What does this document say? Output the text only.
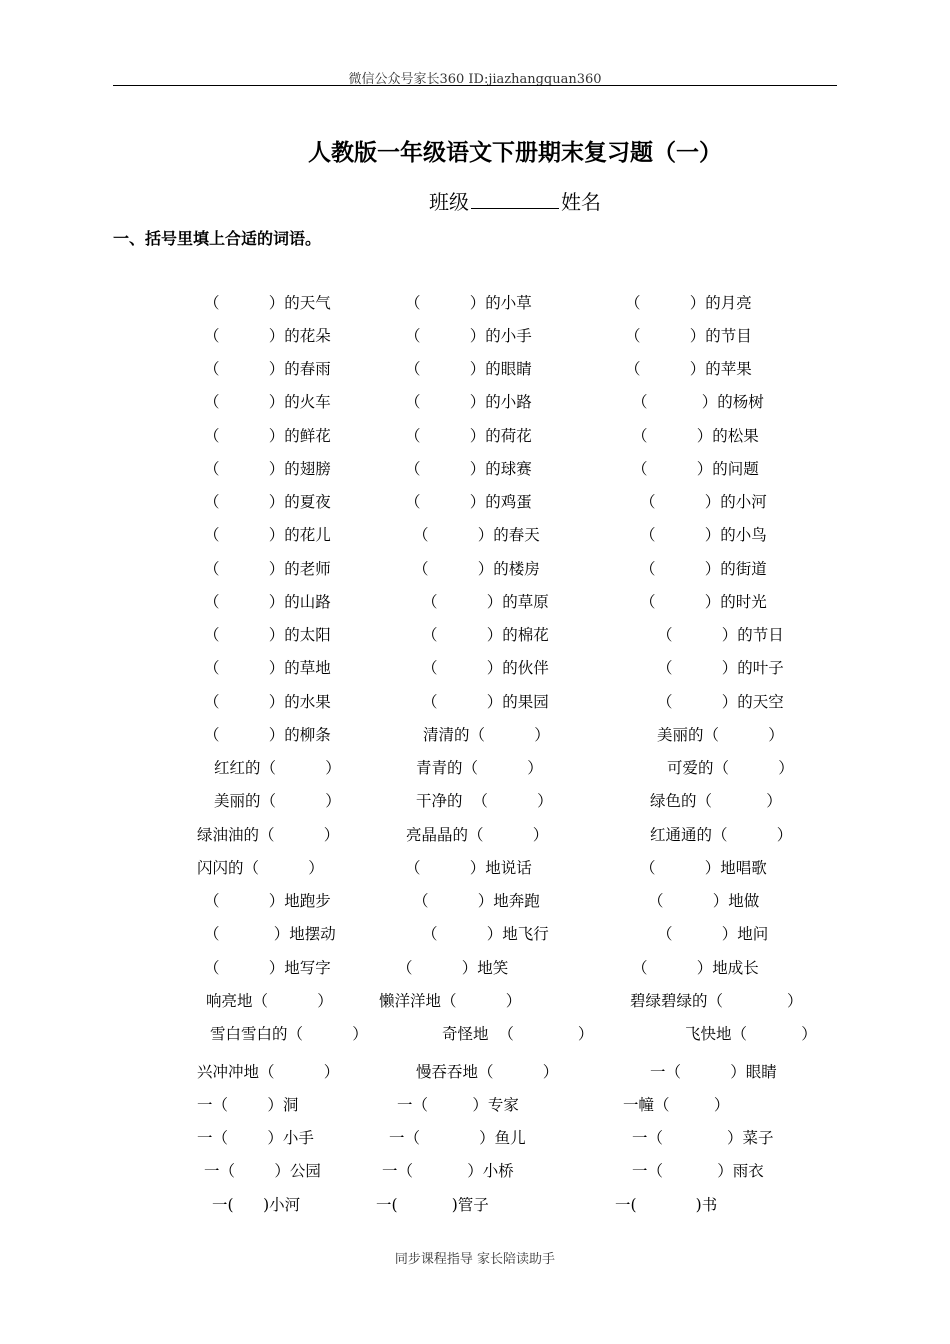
微信公众号家长360 ID:jiazhangquan360
人教版一年级语文下册期末复习题（一）
班级	姓名
一、括号里填上合适的词语。
（          ）的天气	（          ）的小草	（          ）的月亮
（          ）的花朵	（          ）的小手	（          ）的节目
（          ）的春雨	（          ）的眼睛	（          ）的苹果
（          ）的火车	（          ）的小路	（           ）的杨树
（          ）的鲜花	（          ）的荷花	（          ）的松果
（          ）的翅膀	（          ）的球赛	（          ）的问题
（          ）的夏夜	（          ）的鸡蛋	（          ）的小河
（          ）的花儿	（          ）的春天	（          ）的小鸟
（          ）的老师	（          ）的楼房	（          ）的街道
（          ）的山路	（          ）的草原	（          ）的时光
（          ）的太阳	（          ）的棉花	（          ）的节日
（          ）的草地	（          ）的伙伴	（          ）的叶子
（          ）的水果	（          ）的果园	（          ）的天空
（          ）的柳条	清清的（          ）	美丽的（          ）
红红的（          ）	青青的（          ）	可爱的（          ）
美丽的（          ）	干净的  （          ）	绿色的（           ）
绿油油的（          ）	亮晶晶的（          ）	红通通的（          ）
闪闪的（          ）	（          ）地说话	（          ）地唱歌
（          ）地跑步	（          ）地奔跑	（          ）地做
（           ）地摆动	（          ）地飞行	（          ）地问
（          ）地写字	（          ）地笑	（          ）地成长
响亮地（          ）	懒洋洋地（          ）	碧绿碧绿的（             ）
雪白雪白的（          ）	奇怪地  （             ）	飞快地（           ）
兴冲冲地（          ）	慢吞吞地（          ）	一（          ）眼睛
一（        ）洞	一（         ）专家	一幢（         ）
一（        ）小手	一（            ）鱼儿	一（             ）菜子
一（        ）公园	一（           ）小桥	一（           ）雨衣
一(      )小河	一(           )管子	一(            )书
同步课程指导 家长陪读助手
